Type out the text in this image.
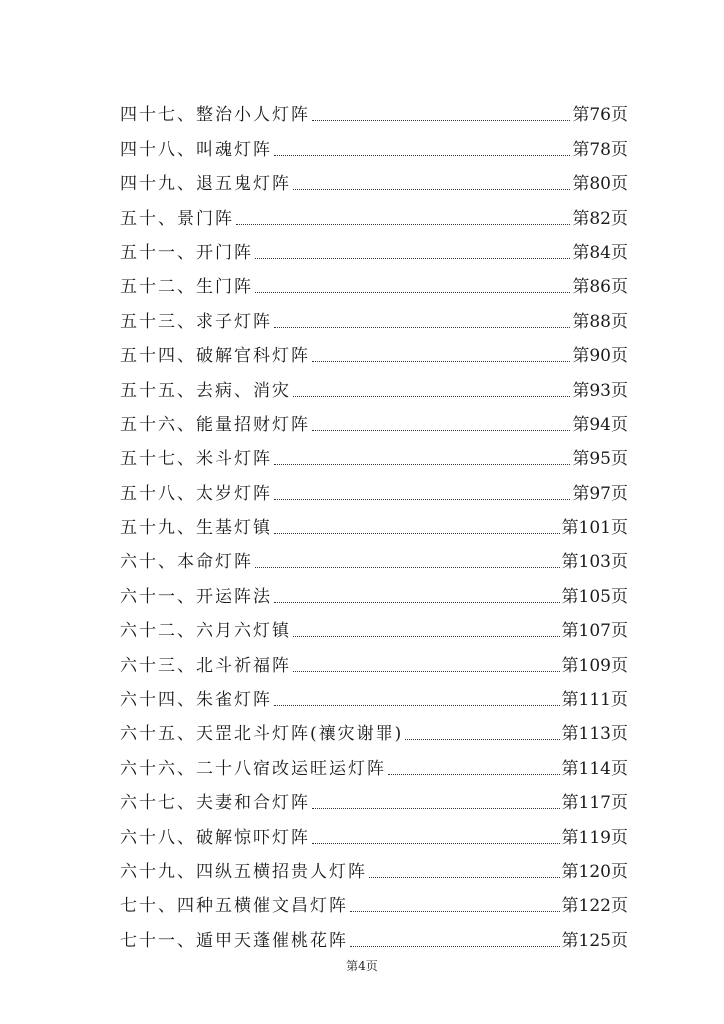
四十七、 整治小人灯阵	第76页
四十八、 叫魂灯阵	第78页
四十九、 退五鬼灯阵	第80页
五十、 景门阵	第82页
五十一、 开门阵	第84页
五十二、 生门阵	第86页
五十三、 求子灯阵	第88页
五十四、 破解官科灯阵	第90页
五十五、 去病、消灾	第93页
五十六、 能量招财灯阵	第94页
五十七、 米斗灯阵	第95页
五十八、 太岁灯阵	第97页
五十九、 生基灯镇	第101页
六十、 本命灯阵	第103页
六十一、 开运阵法	第105页
六十二、 六月六灯镇	第107页
六十三、 北斗祈福阵	第109页
六十四、 朱雀灯阵	第111页
六十五、 天罡北斗灯阵(禳灾谢罪)	第113页
六十六、 二十八宿改运旺运灯阵	第114页
六十七、 夫妻和合灯阵	第117页
六十八、 破解惊吓灯阵	第119页
六十九、 四纵五横招贵人灯阵	第120页
七十、 四种五横催文昌灯阵	第122页
七十一、 遁甲天蓬催桃花阵	第125页
第4页
